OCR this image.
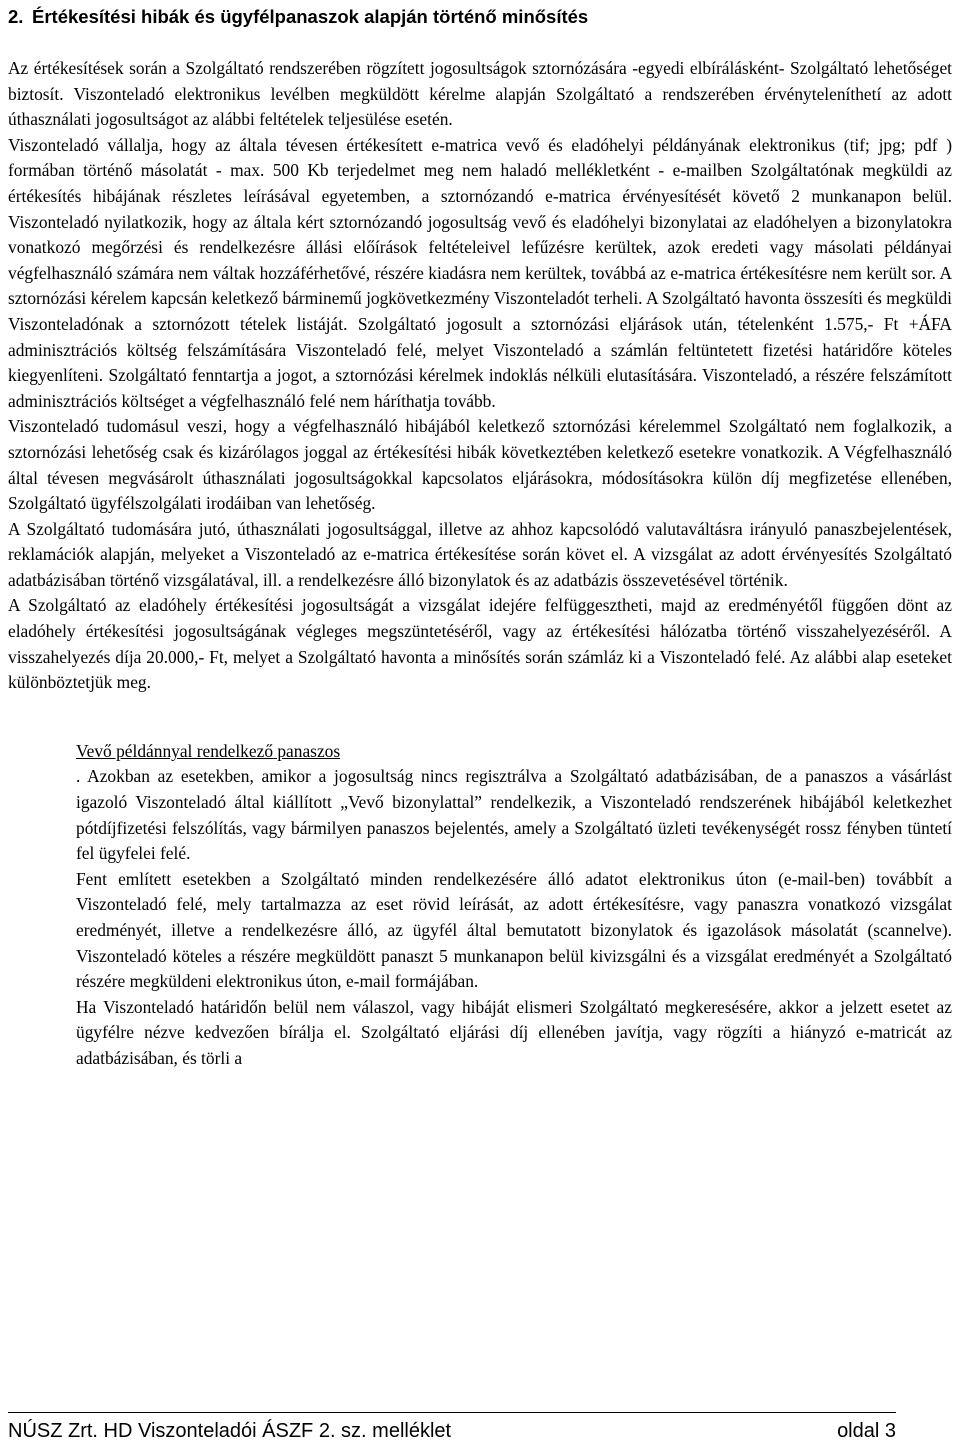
2. Értékesítési hibák és ügyfélpanaszok alapján történő minősítés

Az értékesítések során a Szolgáltató rendszerében rögzített jogosultságok sztornózására -egyedi elbírálásként- Szolgáltató lehetőséget biztosít. Viszonteladó elektronikus levélben megküldött kérelme alapján Szolgáltató a rendszerében érvényteleníthetí az adott úthasználati jogosultságot az alábbi feltételek teljesülése esetén.

Viszonteladó vállalja, hogy az általa tévesen értékesített e-matrica vevő és eladóhelyi példányának elektronikus (tif; jpg; pdf ) formában történő másolatát - max. 500 Kb terjedelmet meg nem haladó mellékletként - e-mailben Szolgáltatónak megküldi az értékesítés hibájának részletes leírásával egyetemben, a sztornózandó e-matrica érvényesítését követő 2 munkanapon belül. Viszonteladó nyilatkozik, hogy az általa kért sztornózandó jogosultság vevő és eladóhelyi bizonylatai az eladóhelyen a bizonylatokra vonatkozó megőrzési és rendelkezésre állási előírások feltételeivel lefűzésre kerültek, azok eredeti vagy másolati példányai végfelhasználó számára nem váltak hozzáférhetővé, részére kiadásra nem kerültek, továbbá az e-matrica értékesítésre nem került sor. A sztornózási kérelem kapcsán keletkező bárminemű jogkövetkezmény Viszonteladót terheli. A Szolgáltató havonta összesíti és megküldi Viszonteladónak a sztornózott tételek listáját. Szolgáltató jogosult a sztornózási eljárások után, tételenként 1.575,- Ft +ÁFA adminisztrációs költség felszámítására Viszonteladó felé, melyet Viszonteladó a számlán feltüntetett fizetési határidőre köteles kiegyenlíteni. Szolgáltató fenntartja a jogot, a sztornózási kérelmek indoklás nélküli elutasítására. Viszonteladó, a részére felszámított adminisztrációs költséget a végfelhasználó felé nem háríthatja tovább.

Viszonteladó tudomásul veszi, hogy a végfelhasználó hibájából keletkező sztornózási kérelemmel Szolgáltató nem foglalkozik, a sztornózási lehetőség csak és kizárólagos joggal az értékesítési hibák következtében keletkező esetekre vonatkozik. A Végfelhasználó által tévesen megvásárolt úthasználati jogosultságokkal kapcsolatos eljárásokra, módosításokra külön díj megfizetése ellenében, Szolgáltató ügyfélszolgálati irodáiban van lehetőség.

A Szolgáltató tudomására jutó, úthasználati jogosultsággal, illetve az ahhoz kapcsolódó valutaváltásra irányuló panaszbejelentések, reklamációk alapján, melyeket a Viszonteladó az e-matrica értékesítése során követ el. A vizsgálat az adott érvényesítés Szolgáltató adatbázisában történő vizsgálatával, ill. a rendelkezésre álló bizonylatok és az adatbázis összevetésével történik.

A Szolgáltató az eladóhely értékesítési jogosultságát a vizsgálat idejére felfüggesztheti, majd az eredményétől függően dönt az eladóhely értékesítési jogosultságának végleges megszüntetéséről, vagy az értékesítési hálózatba történő visszahelyezéséről. A visszahelyezés díja 20.000,- Ft, melyet a Szolgáltató havonta a minősítés során számláz ki a Viszonteladó felé. Az alábbi alap eseteket különböztetjük meg.

Vevő példánnyal rendelkező panaszos

. Azokban az esetekben, amikor a jogosultság nincs regisztrálva a Szolgáltató adatbázisában, de a panaszos a vásárlást igazoló Viszonteladó által kiállított „Vevő bizonylattal” rendelkezik, a Viszonteladó rendszerének hibájából keletkezhet pótdíjfizetési felszólítás, vagy bármilyen panaszos bejelentés, amely a Szolgáltató üzleti tevékenységét rossz fényben tüntetí fel ügyfelei felé.

Fent említett esetekben a Szolgáltató minden rendelkezésére álló adatot elektronikus úton (e-mail-ben) továbbít a Viszonteladó felé, mely tartalmazza az eset rövid leírását, az adott értékesítésre, vagy panaszra vonatkozó vizsgálat eredményét, illetve a rendelkezésre álló, az ügyfél által bemutatott bizonylatok és igazolások másolatát (scannelve). Viszonteladó köteles a részére megküldött panaszt 5 munkanapon belül kivizsgálni és a vizsgálat eredményét a Szolgáltató részére megküldeni elektronikus úton, e-mail formájában.

Ha Viszonteladó határidőn belül nem válaszol, vagy hibáját elismeri Szolgáltató megkeresésére, akkor a jelzett esetet az ügyfélre nézve kedvezően bírálja el. Szolgáltató eljárási díj ellenében javítja, vagy rögzíti a hiányzó e-matricát az adatbázisában, és törli a

NÚSZ Zrt. HD Viszonteladói ÁSZF 2. sz. melléklet	oldal 3
